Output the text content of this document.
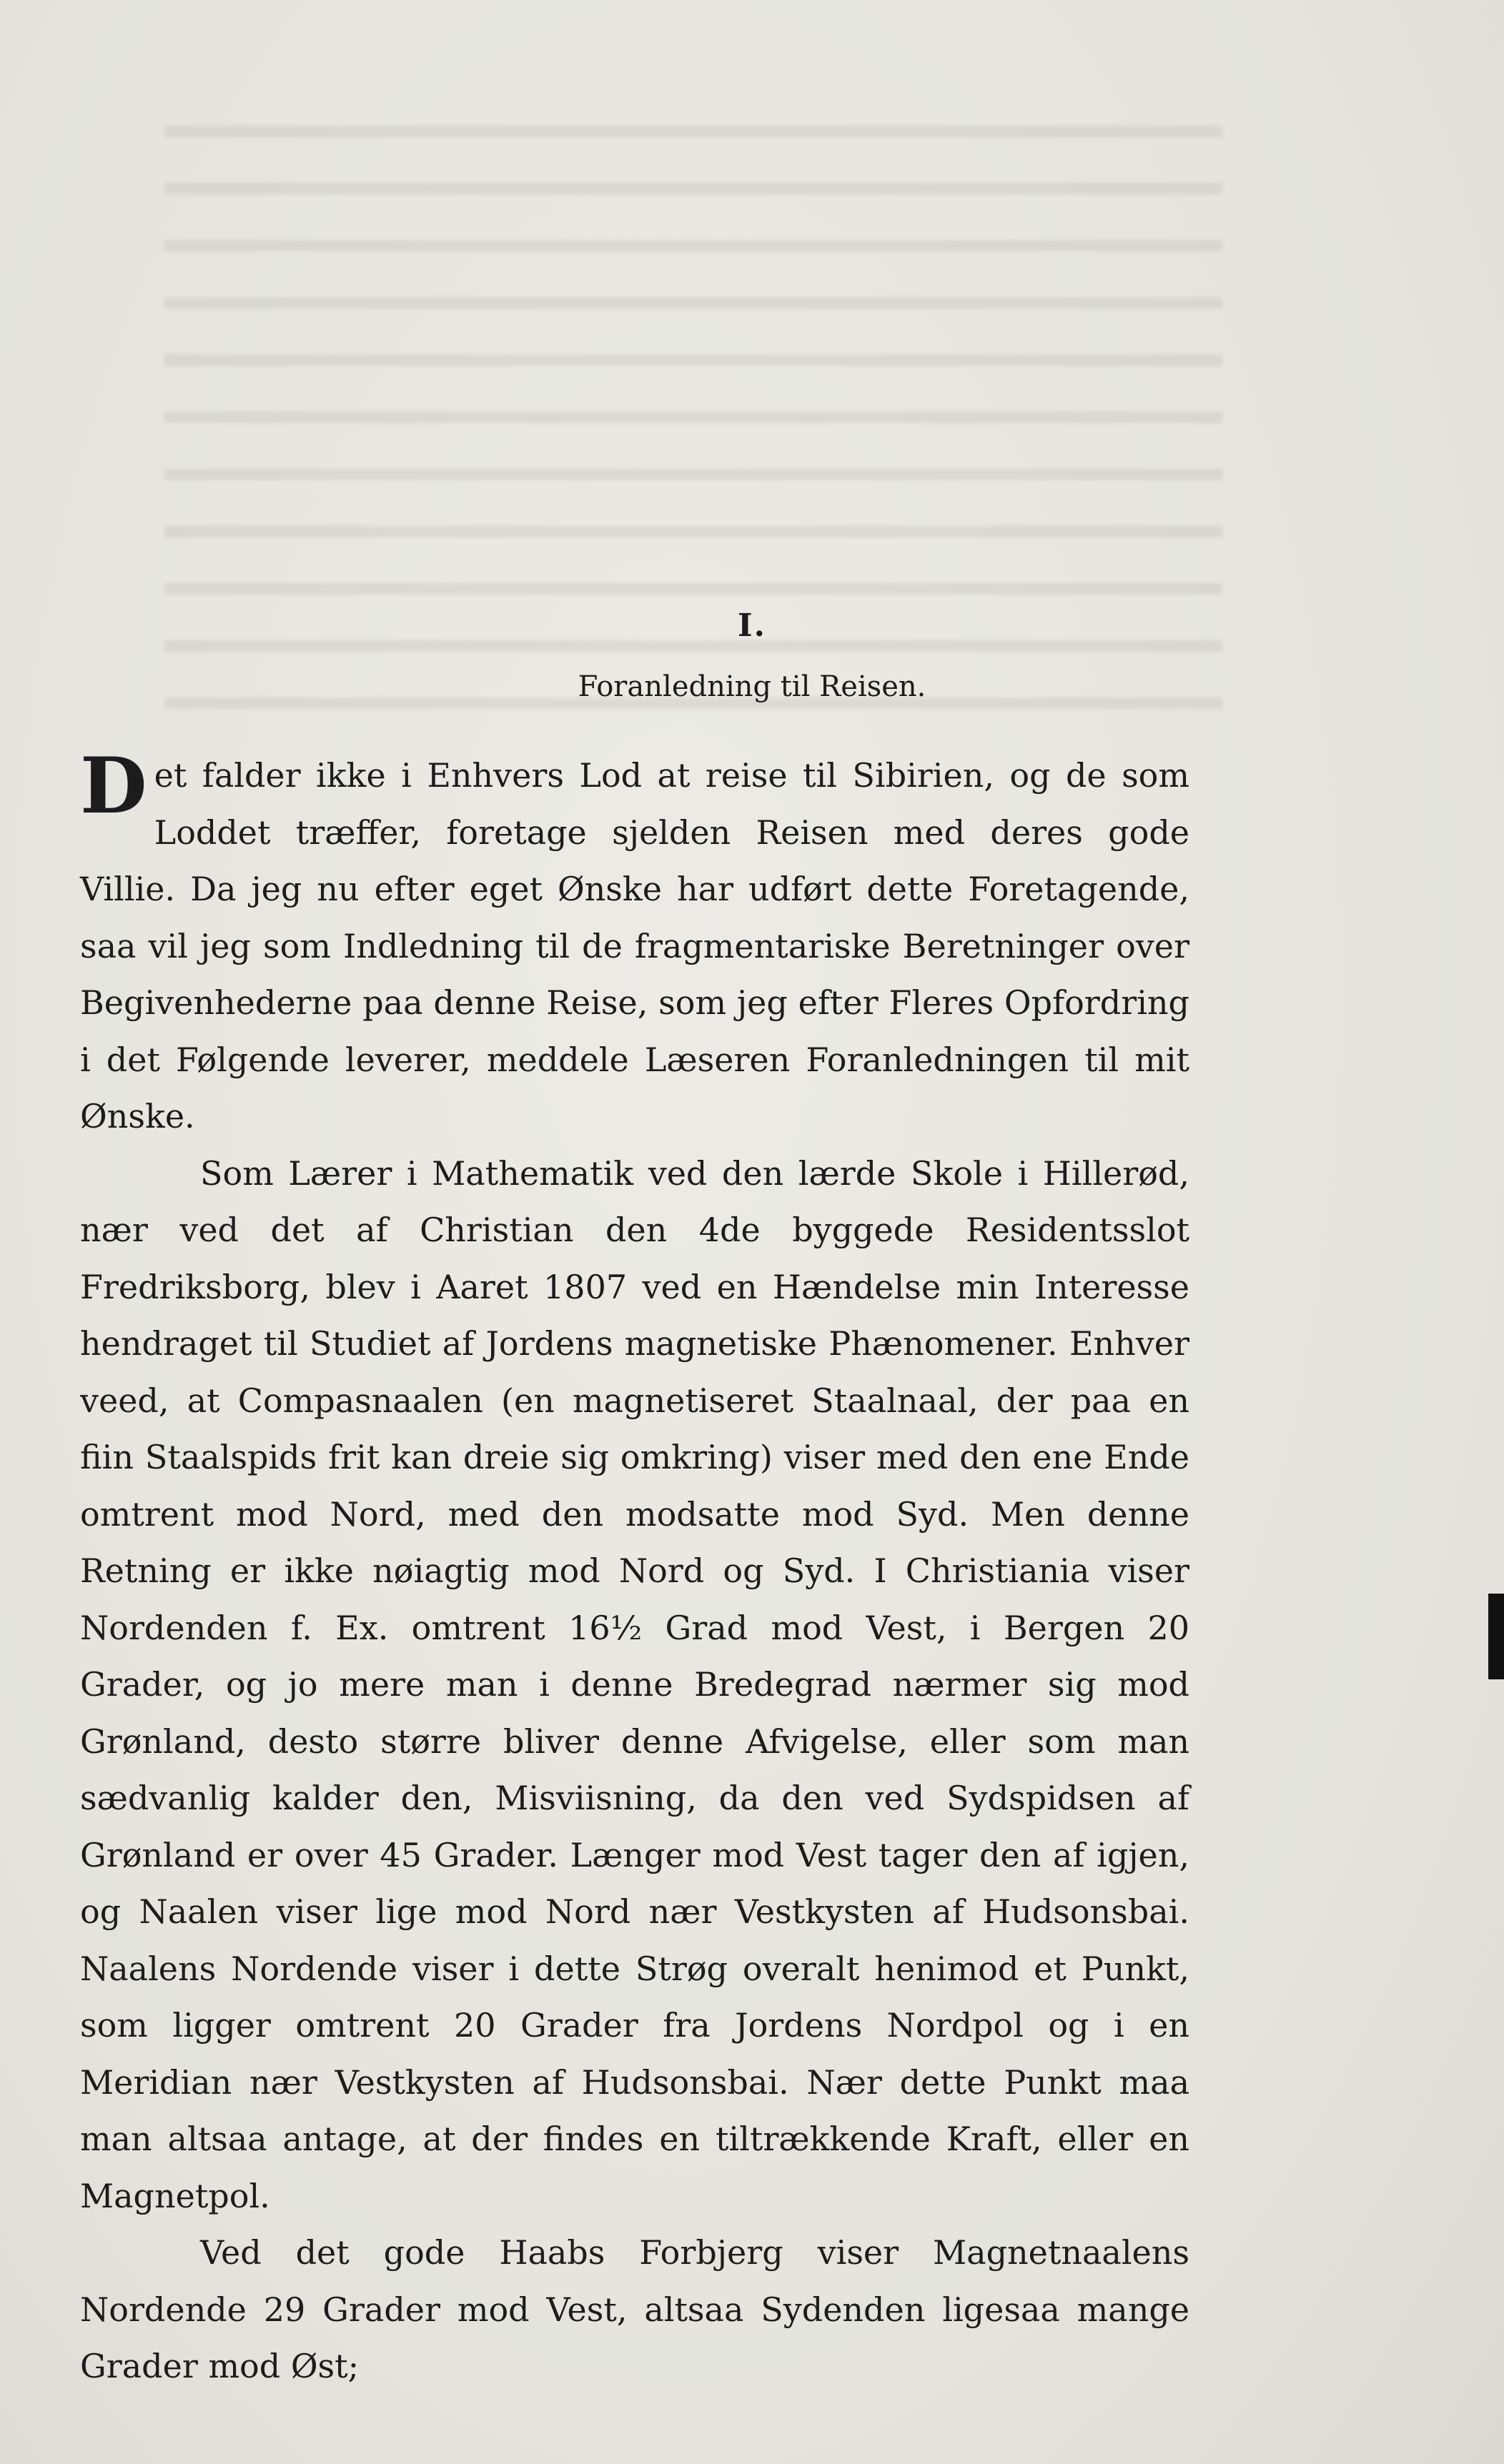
I.
Foranledning til Reisen.

Det falder ikke i Enhvers Lod at reise til Sibirien, og de som Loddet træffer, foretage sjelden Reisen med deres gode Villie. Da jeg nu efter eget Ønske har udført dette Foretagende, saa vil jeg som Indledning til de fragmentariske Beretninger over Begivenhederne paa denne Reise, som jeg efter Fleres Opfordring i det Følgende leverer, meddele Læseren Foranledningen til mit Ønske.

Som Lærer i Mathematik ved den lærde Skole i Hillerød, nær ved det af Christian den 4de byggede Residentsslot Fredriksborg, blev i Aaret 1807 ved en Hændelse min Interesse hendraget til Studiet af Jordens magnetiske Phænomener. Enhver veed, at Compasnaalen (en magnetiseret Staalnaal, der paa en fiin Staalspids frit kan dreie sig omkring) viser med den ene Ende omtrent mod Nord, med den modsatte mod Syd. Men denne Retning er ikke nøiagtig mod Nord og Syd. I Christiania viser Nordenden f. Ex. omtrent 16½ Grad mod Vest, i Bergen 20 Grader, og jo mere man i denne Bredegrad nærmer sig mod Grønland, desto større bliver denne Afvigelse, eller som man sædvanlig kalder den, Misviisning, da den ved Sydspidsen af Grønland er over 45 Grader. Længer mod Vest tager den af igjen, og Naalen viser lige mod Nord nær Vestkysten af Hudsonsbai. Naalens Nordende viser i dette Strøg overalt henimod et Punkt, som ligger omtrent 20 Grader fra Jordens Nordpol og i en Meridian nær Vestkysten af Hudsonsbai. Nær dette Punkt maa man altsaa antage, at der findes en tiltrækkende Kraft, eller en Magnetpol.

Ved det gode Haabs Forbjerg viser Magnetnaalens Nordende 29 Grader mod Vest, altsaa Sydenden ligesaa mange Grader mod Øst;
